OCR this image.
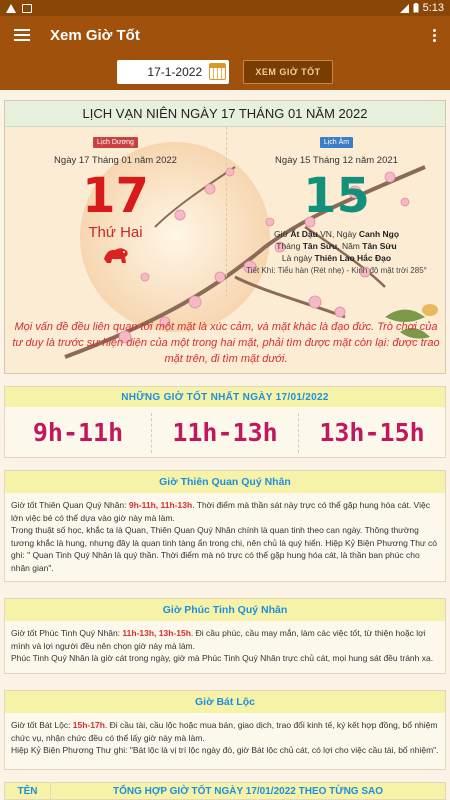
5:13
Xem Giờ Tốt
17-1-2022	XEM GIỜ TỐT
LỊCH VẠN NIÊN NGÀY 17 THÁNG 01 NĂM 2022
Lịch Dương
Ngày 17 Tháng 01 năm 2022
17
Thứ Hai
Lịch Âm
Ngày 15 Tháng 12 năm 2021
15
Giờ Ất Dậu VN, Ngày Canh Ngọ
Tháng Tân Sửu, Năm Tân Sửu
Là ngày Thiên Lao Hắc Đạo
Tiết Khí: Tiểu hàn (Rét nhẹ) - Kinh độ mặt trời 285°
Mọi vấn đề đều liên quan tới một mặt là xúc cảm, và mặt khác là đạo đức. Trò chơi của tư duy là trước sự hiện diện của một trong hai mặt, phải tìm được mặt còn lại: được trao mặt trên, đi tìm mặt dưới.
NHỮNG GIỜ TỐT NHẤT NGÀY 17/01/2022
9h-11h	11h-13h	13h-15h
Giờ Thiên Quan Quý Nhân
Giờ tốt Thiên Quan Quý Nhân: 9h-11h, 11h-13h. Thời điểm mà thần sát này trực có thể gặp hung hóa cát. Việc lớn việc bé có thể dựa vào giờ này mà làm.
Trong thuật số học, khắc ta là Quan, Thiên Quan Quý Nhân chính là quan tinh theo can ngày. Thông thường tương khắc là hung, nhưng đây là quan tinh tàng ẩn trong chi, nên chủ là quý hiển. Hiệp Kỷ Biện Phương Thư có ghi: " Quan Tinh Quý Nhân là quý thần. Thời điểm mà nó trực có thể gặp hung hóa cát, là thần ban phúc cho nhân gian".
Giờ Phúc Tinh Quý Nhân
Giờ tốt Phúc Tinh Quý Nhân: 11h-13h, 13h-15h. Đi cầu phúc, cầu may mắn, làm các việc tốt, từ thiện hoặc lợi mình và lợi người đều nên chọn giờ này mà làm.
Phúc Tinh Quý Nhân là giờ cát trong ngày, giờ mà Phúc Tinh Quý Nhân trực chủ cát, mọi hung sát đều tránh xa.
Giờ Bát Lộc
Giờ tốt Bát Lộc: 15h-17h. Đi cầu tài, cầu lộc hoặc mua bán, giao dịch, trao đổi kinh tế, ký kết hợp đồng, bổ nhiệm chức vụ, nhận chức đều có thể lấy giờ này mà làm.
Hiệp Kỷ Biện Phương Thư ghi: "Bát lộc là vị trí lộc ngày đó, giờ Bát lộc chủ cát, có lợi cho việc cầu tài, bổ nhiệm".
TÊN	TỔNG HỢP GIỜ TỐT NGÀY 17/01/2022 THEO TỪNG SAO
